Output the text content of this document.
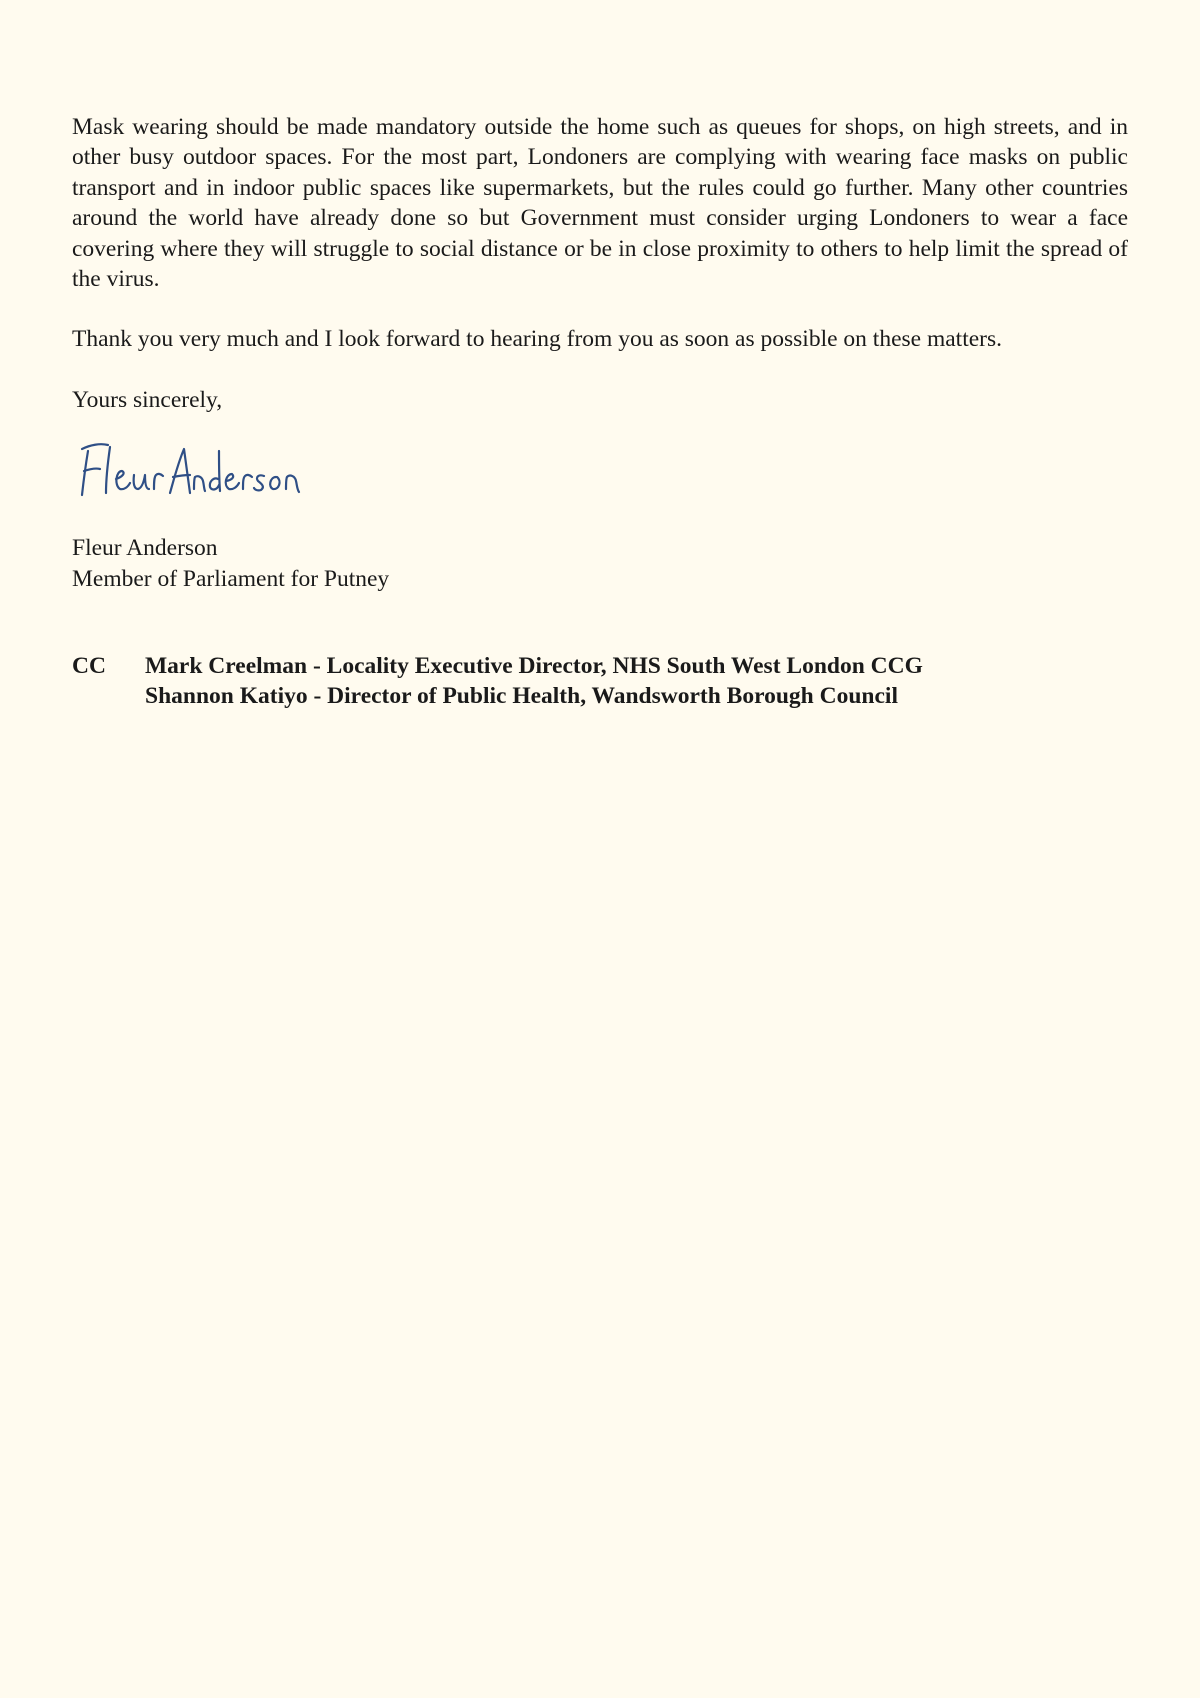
Mask wearing should be made mandatory outside the home such as queues for shops, on high streets, and in other busy outdoor spaces. For the most part, Londoners are complying with wearing face masks on public transport and in indoor public spaces like supermarkets, but the rules could go further. Many other countries around the world have already done so but Government must consider urging Londoners to wear a face covering where they will struggle to social distance or be in close proximity to others to help limit the spread of the virus.

Thank you very much and I look forward to hearing from you as soon as possible on these matters.

Yours sincerely,

Fleur Anderson
Member of Parliament for Putney
CC	Mark Creelman - Locality Executive Director, NHS South West London CCG
Shannon Katiyo - Director of Public Health, Wandsworth Borough Council
